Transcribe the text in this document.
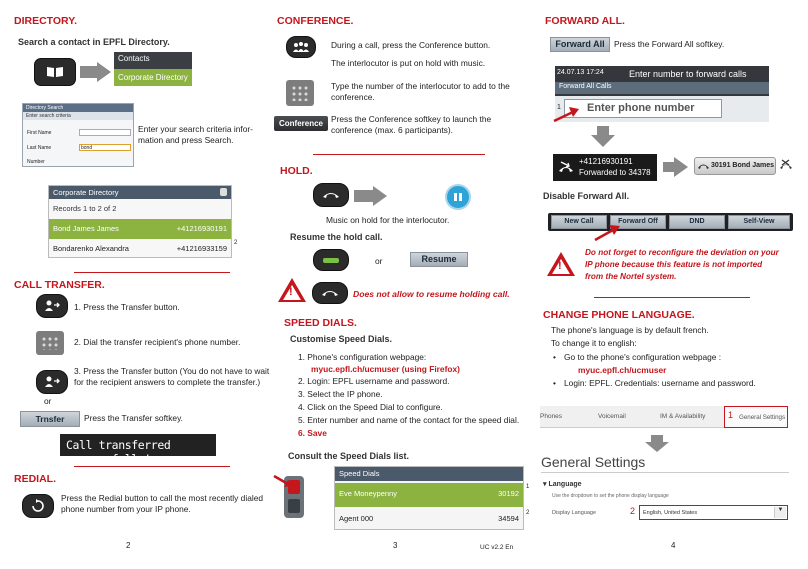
DIRECTORY.
Search a contact in EPFL Directory.
Contacts
Corporate Directory
Directory Search
Enter search criteria
First Name
Last Name	bond
Number
Enter your search criteria infor-mation and press Search.
Corporate Directory
Records 1 to 2 of 2
Bond James James	+41216930191
Bondarenko Alexandra	+41216933159
2
CALL TRANSFER.
1. Press the Transfer button.
2. Dial the transfer recipient's phone number.
3. Press the Transfer button (You do not have to wait for the recipient answers to complete the transfer.)
or
Trnsfer	Press the Transfer softkey.
Call transferred successfully!
REDIAL.
Press the Redial button to call the most recently dialed phone number from your IP phone.
2
CONFERENCE.
During a call, press the Conference button.
The interlocutor is put on hold with music.
Type the number of the interlocutor to add to the conference.
Conference Press the Conference softkey to launch the conference (max. 6 participants).
HOLD.
Music on hold for the interlocutor.
Resume the hold call.
or	Resume
!	Does not allow to resume holding call.
SPEED DIALS.
Customise Speed Dials.
1. Phone's configuration webpage:
myuc.epfl.ch/ucmuser (using Firefox)
2. Login: EPFL username and password.
3. Select the IP phone.
4. Click on the Speed Dial to configure.
5. Enter number and name of the contact for the speed dial.
6. Save
Consult the Speed Dials list.
Speed Dials
Eve Moneypenny	30192
Agent 000	34594
1
2
3	UC v2.2 En
FORWARD ALL.
Forward All	Press the Forward All softkey.
24.07.13 17:24	Enter number to forward calls
Forward All Calls
1	Enter phone number
+41216930191
Forwarded to 34378
30191 Bond James
Disable Forward All.
New Call	Forward Off	DND	Self-View
!
Do not forget to reconfigure the deviation on your IP phone because this feature is not imported from the Nortel system.
CHANGE PHONE LANGUAGE.
The phone's language is by default french.
To change it to english:
• Go to the phone's configuration webpage :
myuc.epfl.ch/ucmuser
• Login: EPFL. Credentials: username and password.
Phones	Voicemail	IM & Availability	General Settings
1
General Settings
▾ Language
Use the dropdown to set the phone display language
Display Language	2	English, United States	▼
4
